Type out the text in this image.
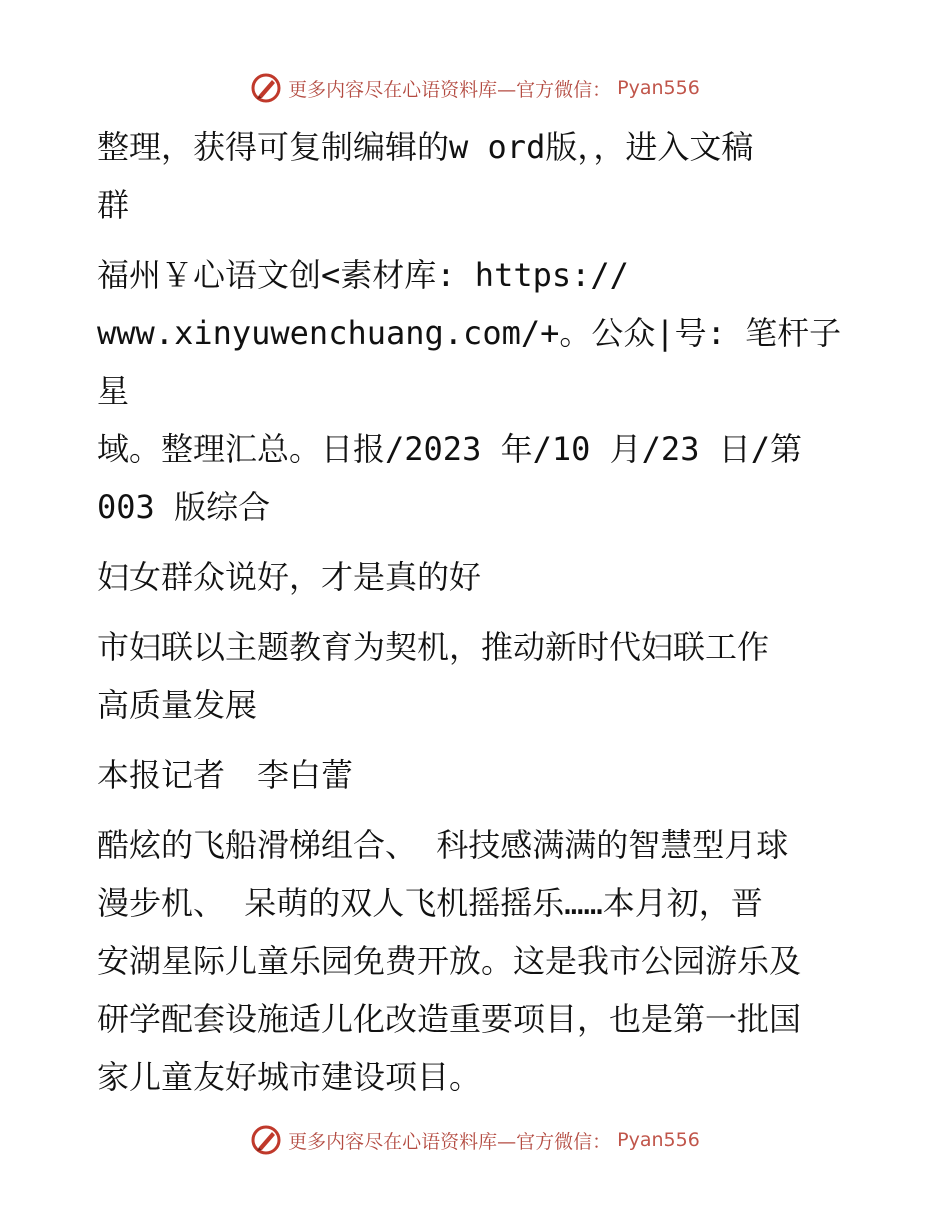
更多内容尽在心语资料库—官方微信： Pyan556

整理，获得可复制编辑的w ord版，，进入文稿
群

福州￥心语文创<素材库: https://
www.xinyuwenchuang.com/+。公众|号: 笔杆子星
域。整理汇总。日报/2023 年/10 月/23 日/第
003 版综合

妇女群众说好，才是真的好

市妇联以主题教育为契机，推动新时代妇联工作
高质量发展

本报记者　李白蕾

酷炫的飞船滑梯组合、 科技感满满的智慧型月球
漫步机、 呆萌的双人飞机摇摇乐……本月初，晋
安湖星际儿童乐园免费开放。这是我市公园游乐及
研学配套设施适儿化改造重要项目，也是第一批国
家儿童友好城市建设项目。

更多内容尽在心语资料库—官方微信： Pyan556
